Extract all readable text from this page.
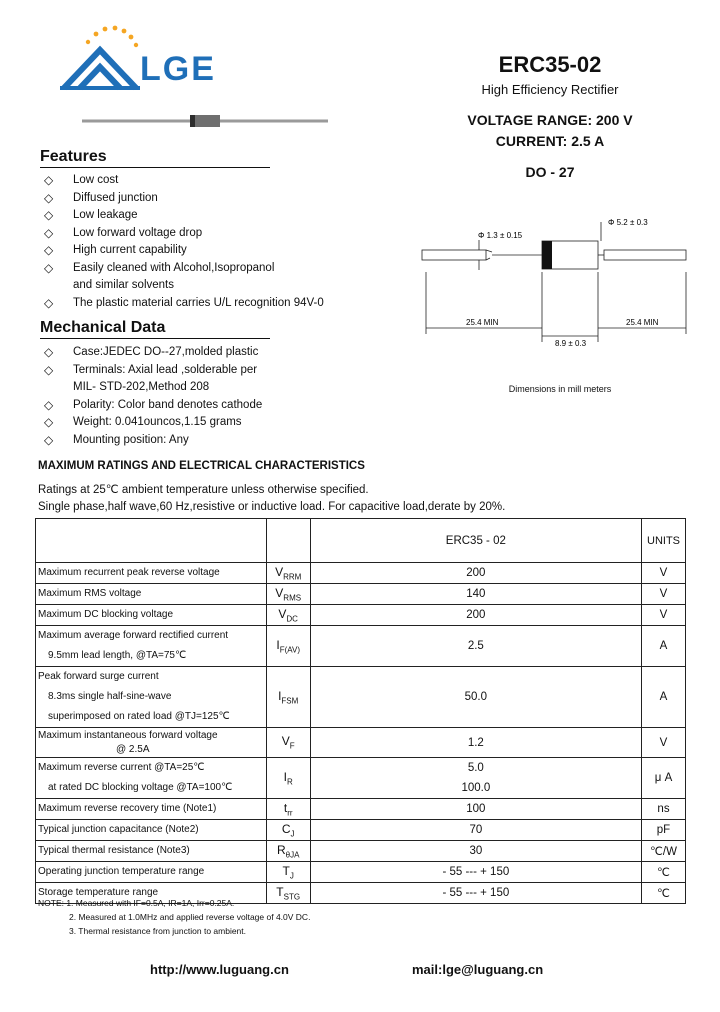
LGE	ERC35-02
High Efficiency Rectifier
VOLTAGE RANGE: 200 V
CURRENT: 2.5 A
DO - 27
Features
◇ Low cost
◇ Diffused junction
◇ Low leakage
◇ Low forward voltage drop
◇ High current capability
◇ Easily cleaned with Alcohol,Isopropanol
and similar solvents
◇ The plastic material carries U/L recognition 94V-0
Mechanical Data
◇ Case:JEDEC DO--27,molded plastic
◇ Terminals: Axial lead ,solderable per
MIL- STD-202,Method 208
◇ Polarity: Color band denotes cathode
◇ Weight: 0.041ouncos,1.15 grams
◇ Mounting position: Any
Φ 1.3 ± 0.15
Φ 5.2 ± 0.3
25.4 MIN	25.4 MIN
8.9 ± 0.3
Dimensions in mill meters
MAXIMUM RATINGS AND ELECTRICAL CHARACTERISTICS
Ratings at 25℃ ambient temperature unless otherwise specified.
Single phase,half wave,60 Hz,resistive or inductive load. For capacitive load,derate by 20%.
		ERC35 - 02	UNITS

Maximum recurrent peak reverse voltage	$V_{RRM}$	200	V

Maximum RMS voltage	$V_{RMS}$	140	V

Maximum DC blocking voltage	$V_{DC}$	200	V

Maximum average forward rectified current
9.5mm lead length, @TA=75℃	$I_{F(AV)}$	2.5	A

Peak forward surge current
8.3ms single half-sine-wave
superimposed on rated load @TJ=125℃	$I_{FSM}$	50.0	A

Maximum instantaneous forward voltage
@ 2.5A	$V_F$	1.2	V

Maximum reverse current @TA=25℃
at rated DC blocking voltage @TA=100℃	$I_R$	5.0
100.0	μ A

Maximum reverse recovery time (Note1)	$t_{rr}$	100	ns

Typical junction capacitance (Note2)	$C_J$	70	pF

Typical thermal resistance (Note3)	$R_{\theta JA}$	30	℃/W

Operating junction temperature range	$T_J$	- 55 --- + 150	℃

Storage temperature range	$T_{STG}$	- 55 --- + 150	℃
NOTE: 1. Measured with IF=0.5A, IR=1A, Irr=0.25A.
2. Measured at 1.0MHz and applied reverse voltage of 4.0V DC.
3. Thermal resistance from junction to ambient.
http://www.luguang.cn	mail:lge@luguang.cn
